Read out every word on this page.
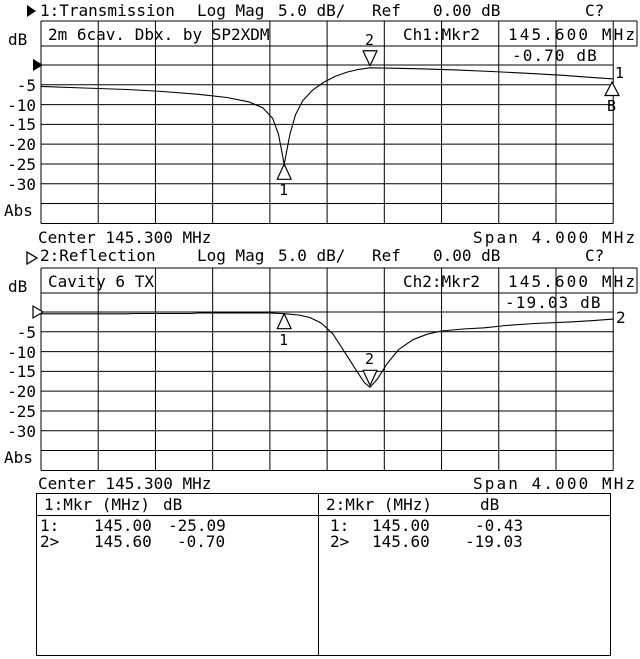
1:Transmission Log Mag 5.0 dB/ Ref 0.00 dB	C?
dB 2m 6cav. Dbx. by SP2XDM	Ch1:Mkr2 145.600 MHz
-0.70 dB
-5
-10
-15
-20
-25
-30
Abs
1
B
Center 145.300 MHz	Span 4.000 MHz
2:Reflection	Log Mag 5.0 dB/ Ref 0.00 dB	C?
dB Cavity 6 TX	Ch2:Mkr2 145.600 MHz
-19.03 dB
-5
-10
-15
-20
-25
-30
Abs
2
Center 145.300 MHz	Span 4.000 MHz
1:Mkr (MHz) dB
1: 145.00 -25.09
2> 145.60 -0.70
2:Mkr (MHz)	dB
1: 145.00	-0.43
2> 145.60 -19.03
1
2
1
2
